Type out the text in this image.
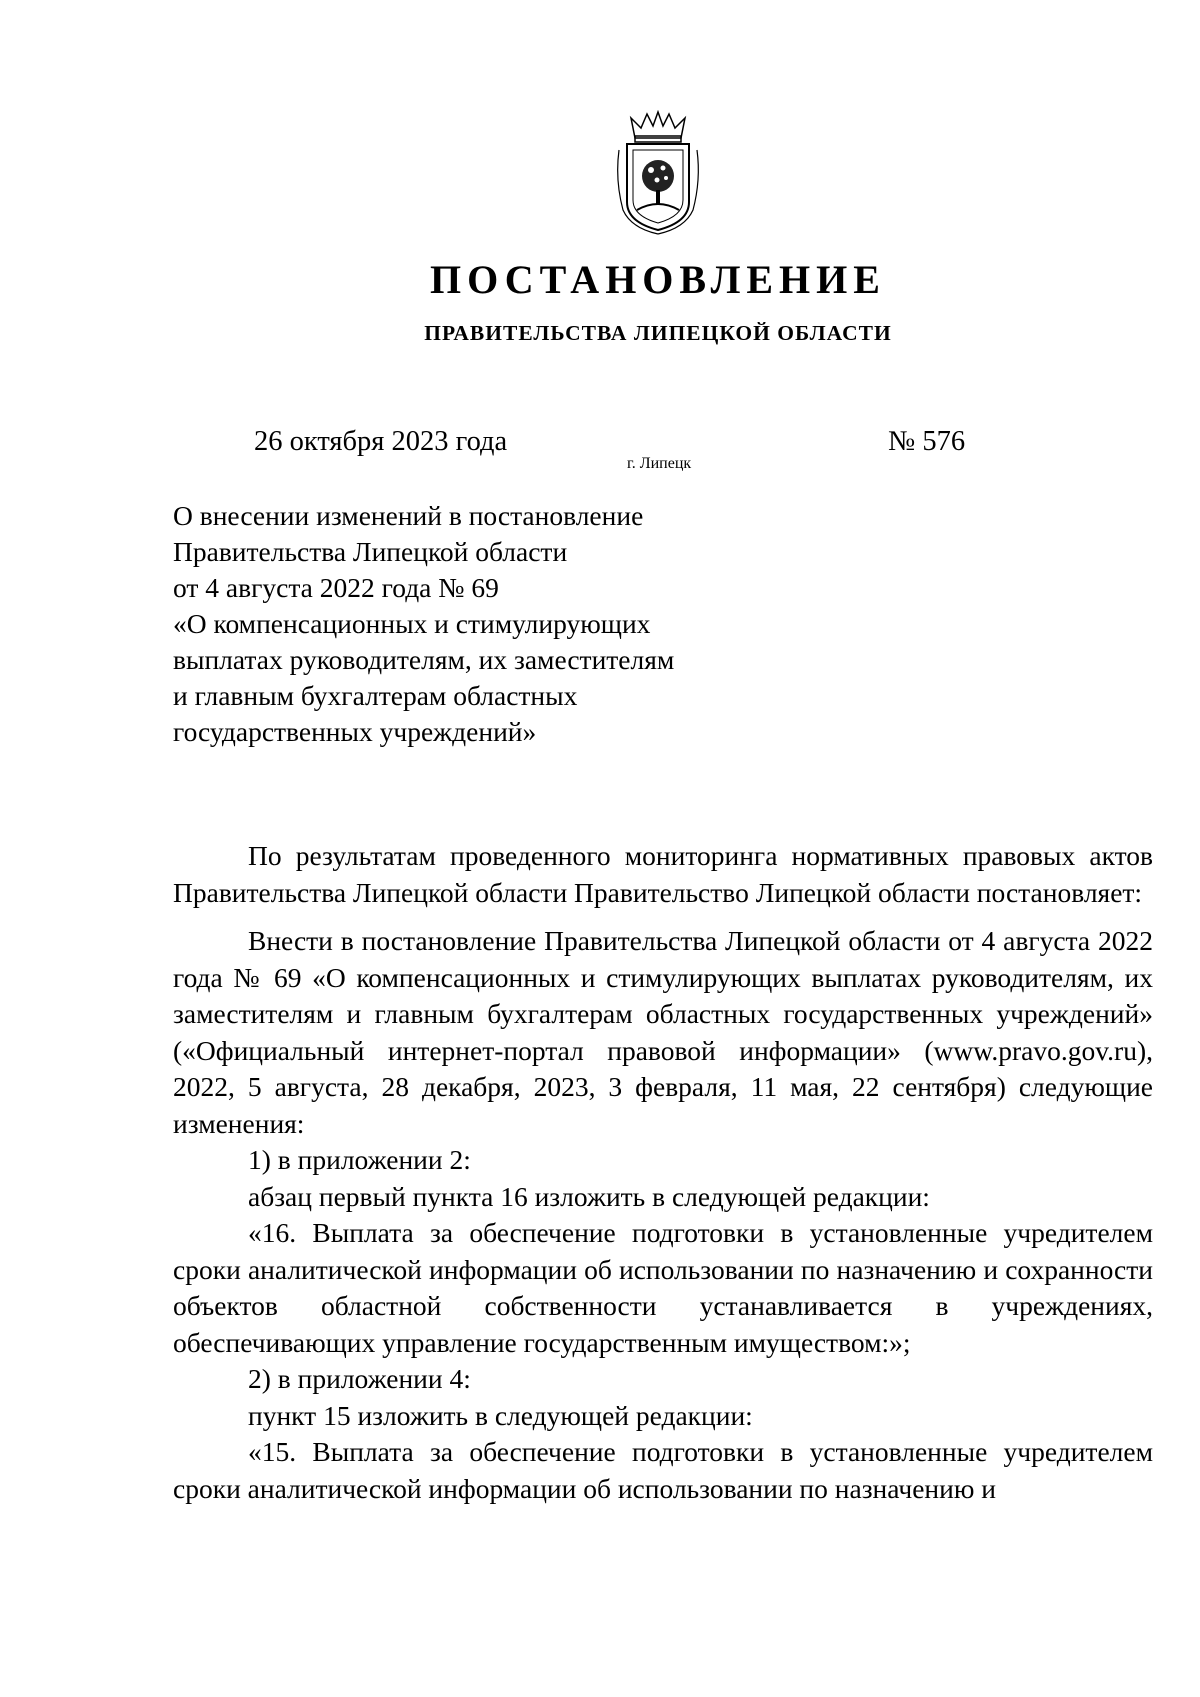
ПОСТАНОВЛЕНИЕ
ПРАВИТЕЛЬСТВА ЛИПЕЦКОЙ ОБЛАСТИ
26 октября 2023 года
г. Липецк
№ 576
О внесении изменений в постановление
Правительства Липецкой области
от 4 августа 2022 года № 69
«О компенсационных и стимулирующих
выплатах руководителям, их заместителям
и главным бухгалтерам областных
государственных учреждений»

По результатам проведенного мониторинга нормативных правовых актов Правительства Липецкой области Правительство Липецкой области постановляет:

Внести в постановление Правительства Липецкой области от 4 августа 2022 года № 69 «О компенсационных и стимулирующих выплатах руководителям, их заместителям и главным бухгалтерам областных государственных учреждений» («Официальный интернет-портал правовой информации» (www.pravo.gov.ru), 2022, 5 августа, 28 декабря, 2023, 3 февраля, 11 мая, 22 сентября) следующие изменения:

1) в приложении 2:

абзац первый пункта 16 изложить в следующей редакции:

«16. Выплата за обеспечение подготовки в установленные учредителем сроки аналитической информации об использовании по назначению и сохранности объектов областной собственности устанавливается в учреждениях, обеспечивающих управление государственным имуществом:»;

2) в приложении 4:

пункт 15 изложить в следующей редакции:

«15. Выплата за обеспечение подготовки в установленные учредителем сроки аналитической информации об использовании по назначению и
